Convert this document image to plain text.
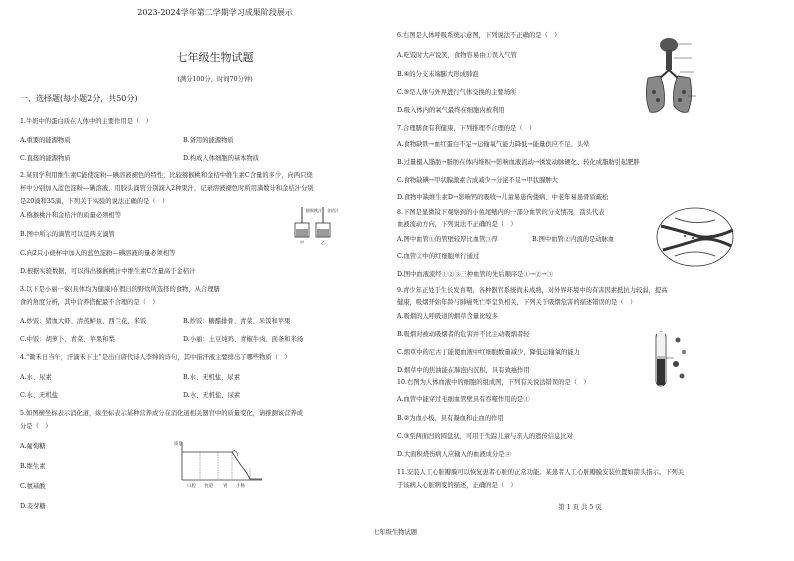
2023-2024学年第二学期学习成果阶段展示
七年级生物试题
(满分100分，时间70分钟)
一、选择题(每小题2分，共50分)
1.牛奶中的蛋白质在人体中的主要作用是（　）
A.重要的能源物质	B.备用的能源物质
C.直接的能源物质	D.构成人体细胞的基本物质
2.某同学利用维生素C能使淀粉—碘溶液褪色的特性，比较猕猴桃和金桔中维生素C含量的多少，向两只烧
杯中分别加入蓝色淀粉—碘溶液，用胶头滴管分别滴入2种果汁，记录溶液褪色时所用滴数计和金桔汁分别
是20滴和35滴，下列关于实验的说法正确的是（　）
A.猕猴桃汁和金桔汁的质量必须相等
B.图中所示的滴管可以是两支滴管
C.向2只小烧杯中加入的蓝色淀粉—碘溶液的量必须相等
D.根据实验数据，可以得出猕猴桃汁中维生素C含量高于金桔汁
猕猴桃汁 金桔汁
甲	乙
3.以下是小丽一家(具体均为健康)在假日的野炊所选择的食物，从合理膳
食的角度分析，其中营养搭配最不合理的是（　）
A.炒饭：猪血大虾、清蒸鲈鱼、西兰花、米饭	B.炒饭：糖醋排骨、青菜、米饭和苹果
C.中饭：胡萝卜、青菜、苹果和梨	D.小丽：土豆炖鸡、青椒牛肉、面条和米汤
4.“锄禾日当午，汗滴禾下土”是出自唐代诗人李绅的诗句，其中指汗液主要排出了哪些物质（　）
A.水、尿素	B.水、无机盐、尿素
C.水、无机盐	D.水、无机盐、尿素
5.如图横坐标表示消化道，纵坐标表示某种营养成分在消化道相关器官中的质量变化，请推测该营养成
分是（　）
A.葡萄糖
B.维生素
C.氨基酸
D.麦芽糖
质量
口腔 食道 胃 小肠
6.右图是人体呼吸系统示意图，下列说法不正确的是（　）
A.吃饭时大声说笑，食物容易由①误入气管
B.④的分支末端膨大形成肺泡
C.⑤是人体与外界进行气体交换的主要场所
D.吸入体内的氧气最终在细胞内被利用
7.合理膳食有利健康，下列推理不合理的是（　）
A.食物缺铁→血红蛋白不足→运输氧气能力降低→能量供应不足、头晕
B.过量摄入脂肪→脂肪在体内堆积→影响血液流动→诱发动脉硬化、转化成脂肪引起肥胖
C.食物缺碘→甲状腺激素合成减少→分泌不足→甲状腺肿大
D.食物中缺维生素D→影响钙的吸收→儿童易患佝偻病、中老年易患骨质疏松
8.下图是显微镜下观察到的小鱼尾鳍内的一部分血管的分支情况，箭头代表
血液流动方向，下列说法不正确的是（　）
A.图中血管①的管壁较厚比血管③厚	B.图中血管②内流的是动脉血
C.血管②中的红细胞单行通过
D.图中血液流经①②③三种血管的先后顺序是①→②→③
9.青少年正处于生长发育期，各种器官系统尚未成熟，对外界环境中的有害因素抵抗力较弱，提高
健康，吸烟开始年龄与肺癌死亡率呈负相关，下列关于吸烟危害的描述错误的是（　）
A.吸烟的人呼吸道的烟草含量比较多
B.吸烟对被动吸烟者的危害并不比主动吸烟者轻
C.烟草中的尼古丁能使血液中红细胞数量减少，降低运输氧的能力
D.烟草中的焦油能在肺泡内沉积，具有致癌作用
10.右图为人体血液中的细胞的组成图，下列有关说法错误的是（　）
A.血管中能穿过毛细血管壁具有吞噬作用的是①
B.②为血小板，具有凝血和止血的作用
C.③至两面凹的圆盘状，可用于失踪儿童与亲人的遗传信息比对
D.大面积烧伤病人应输入的血液成分是④
11.安装人工心脏瓣膜可以恢复患者心脏的正常功能。某患者人工心脏瓣膜安装位置如箭头指示。下列关
于该病人心脏病变的描述，正确的是（　）
第 1 页 共 5 页
七年级生物试题
